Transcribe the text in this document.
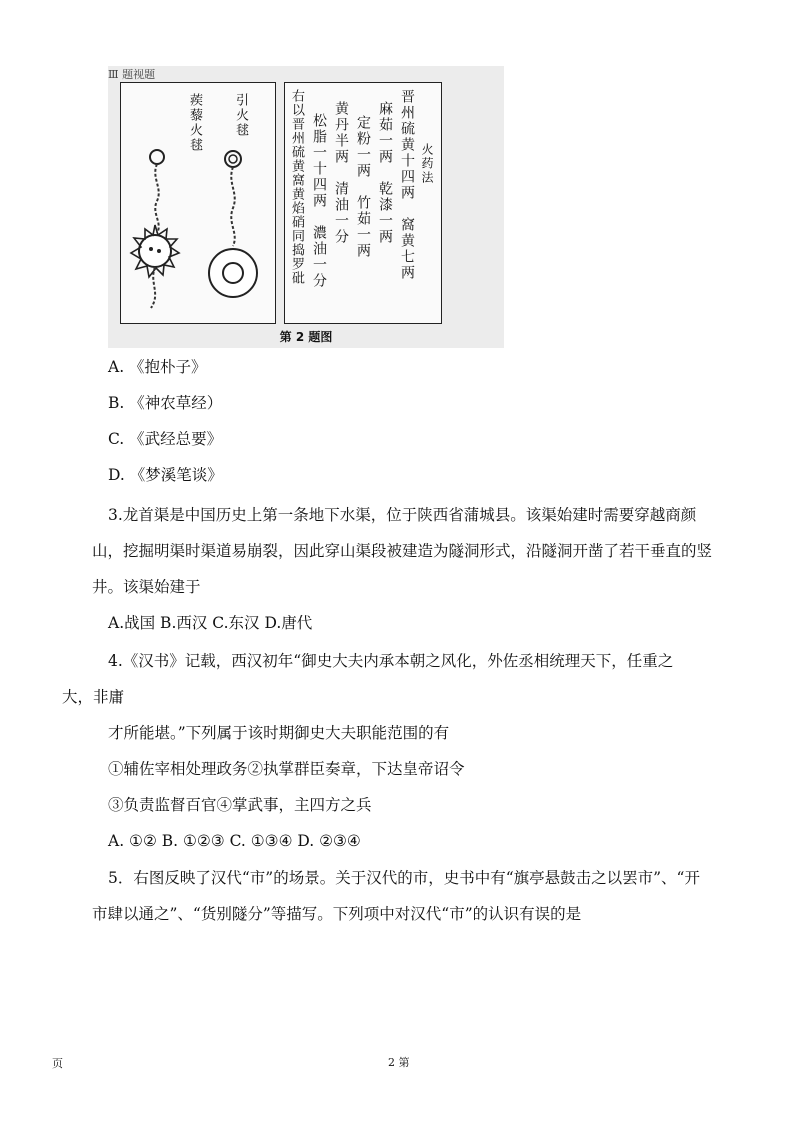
Ⅲ 题视题
蒺藜火毬 引火毬
火药法
晋州硫黄十四两　窩黄七两
麻茹一两　乾漆一两
定粉一两　竹茹一两
黄丹半两　清油一分
松脂一十四两　濃油一分
右以晋州硫黄窩黄焰硝同捣罗砒
第 2 题图
A. 《抱朴子》
B. 《神农草经）
C. 《武经总要》
D. 《梦溪笔谈》
3.龙首渠是中国历史上第一条地下水渠，位于陕西省蒲城县。该渠始建时需要穿越商颜
山，挖掘明渠时渠道易崩裂，因此穿山渠段被建造为隧洞形式，沿隧洞开凿了若干垂直的竖
井。该渠始建于
A.战国 B.西汉 C.东汉 D.唐代
4.《汉书》记载，西汉初年“御史大夫内承本朝之风化，外佐丞相统理天下，任重之
大，非庸
才所能堪。”下列属于该时期御史大夫职能范围的有
①辅佐宰相处理政务②执掌群臣奏章，下达皇帝诏令
③负责监督百官④掌武事，主四方之兵
A. ①② B. ①②③ C. ①③④ D. ②③④
5．右图反映了汉代“市”的场景。关于汉代的市，史书中有“旗亭悬鼓击之以罢市”、“开
市肆以通之”、“货别隧分”等描写。下列项中对汉代“市”的认识有误的是
页	2 第
